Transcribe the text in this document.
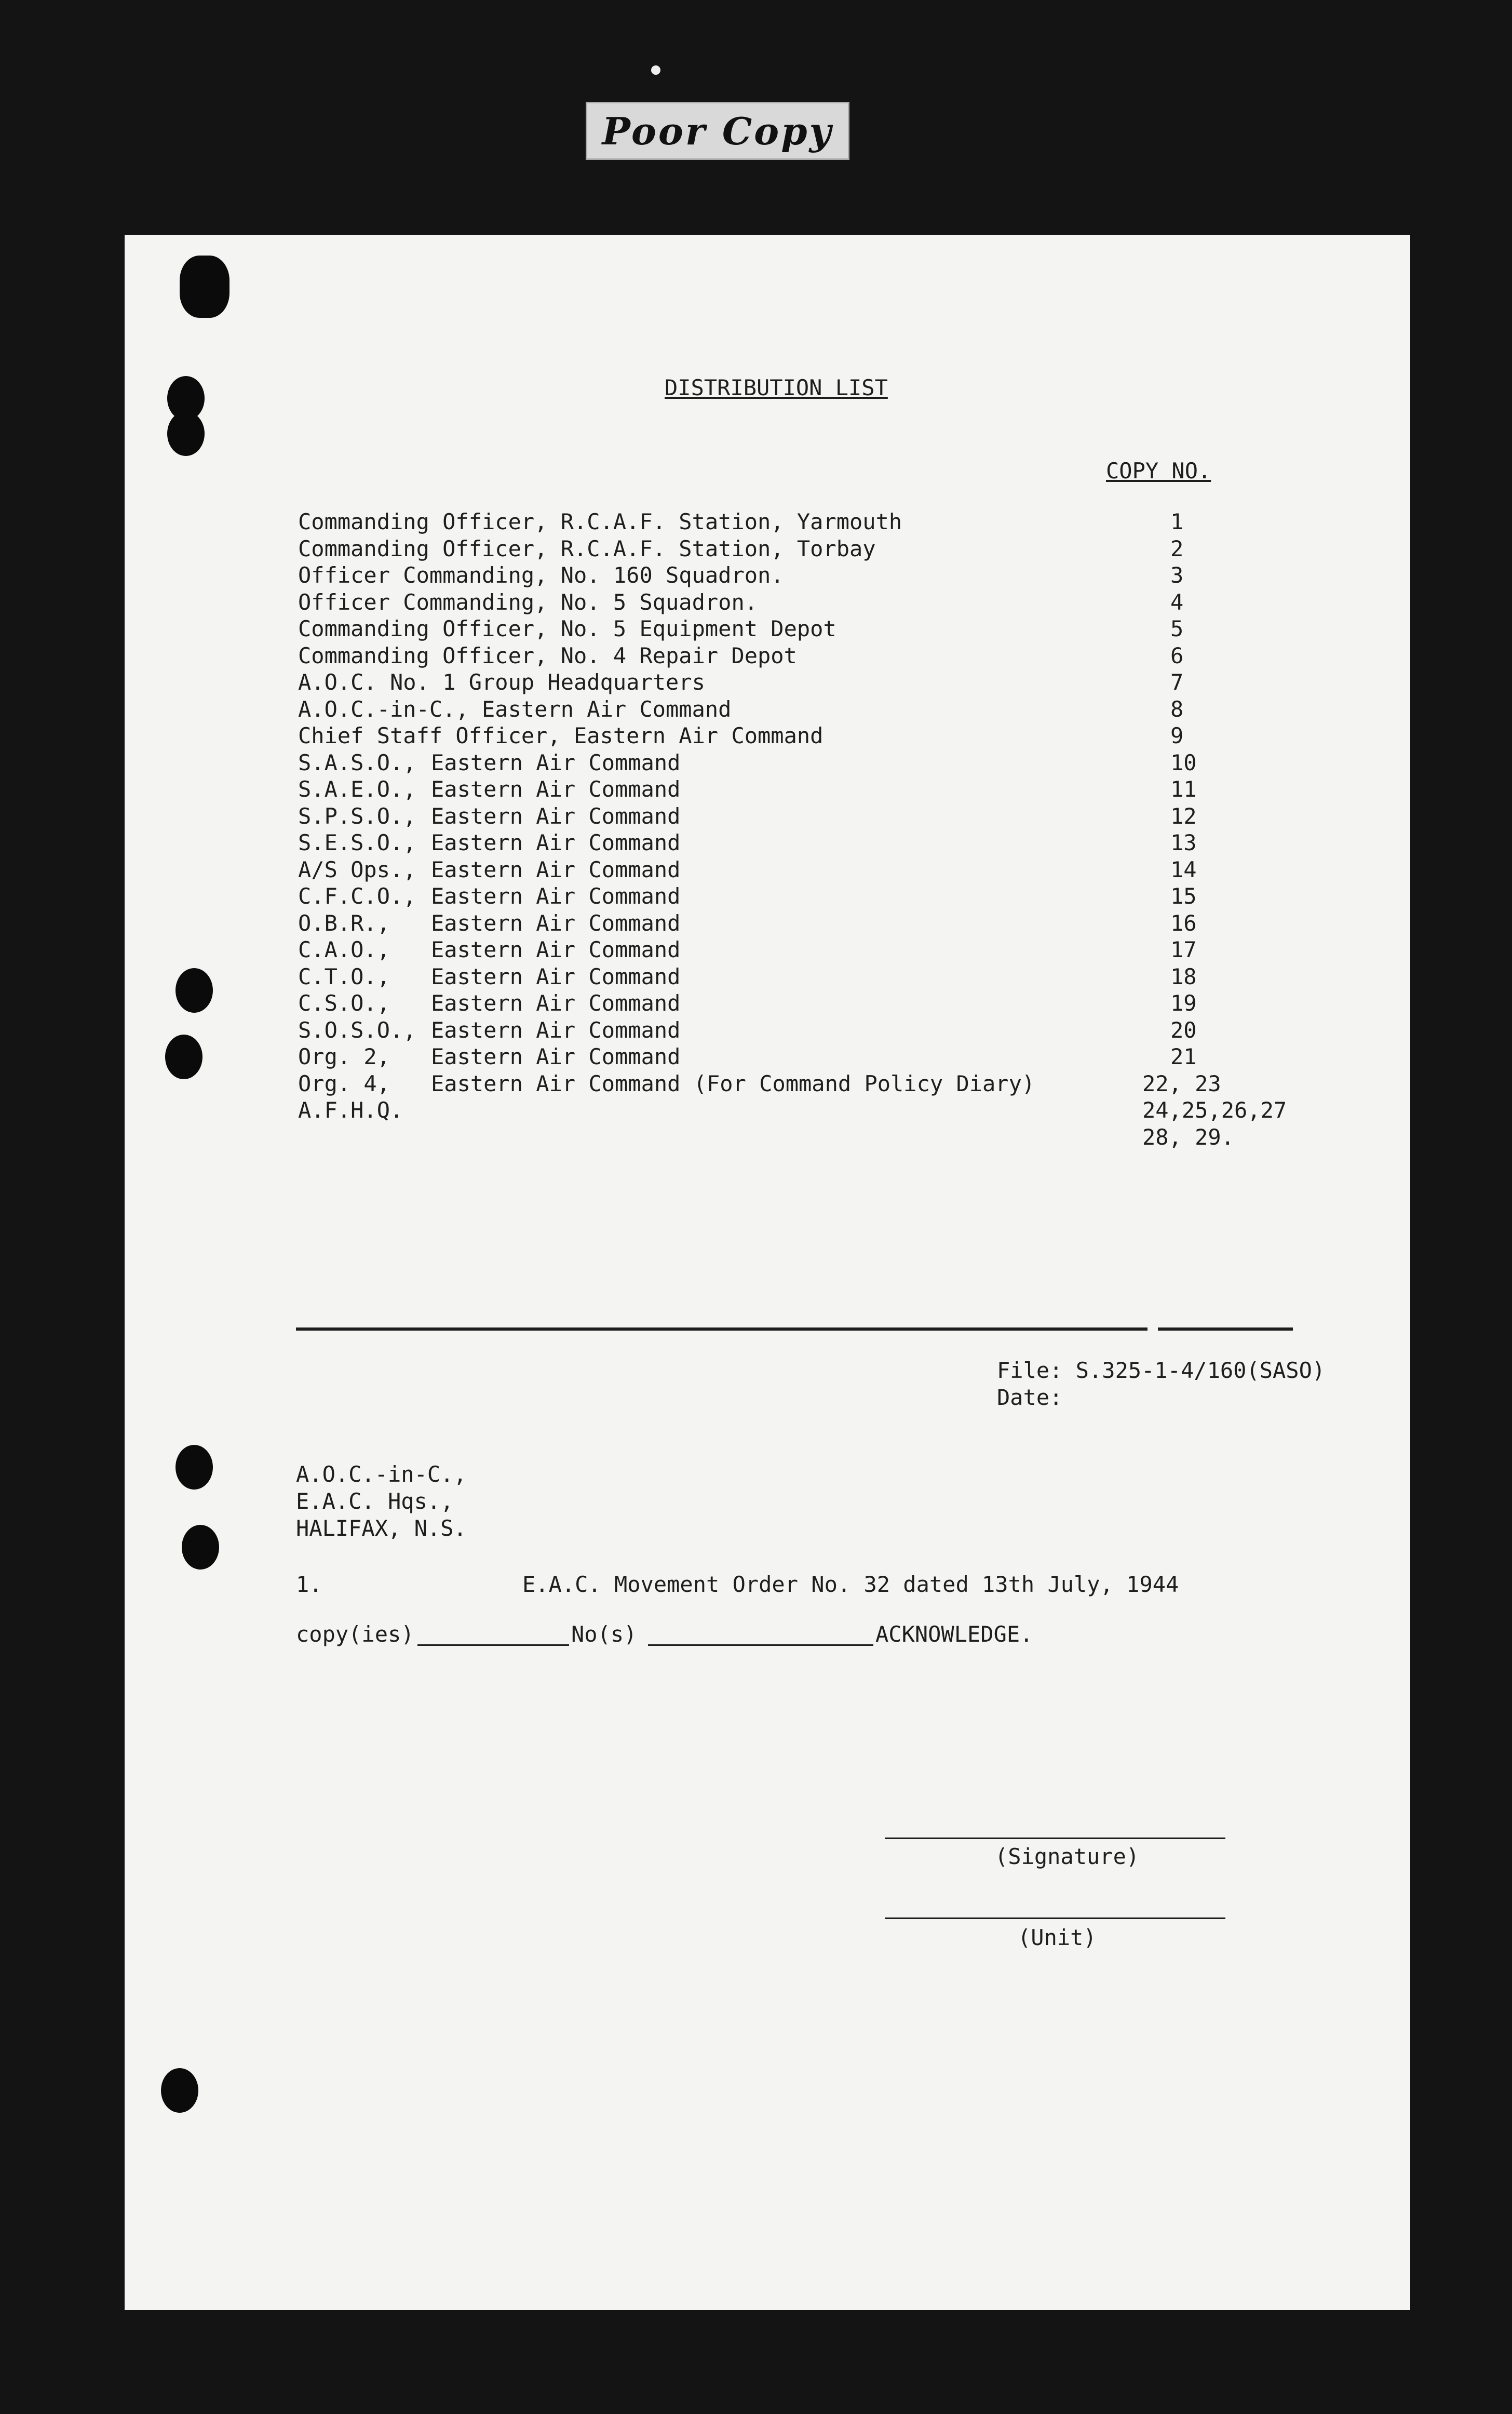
Poor Copy
DISTRIBUTION LIST
COPY NO.
Commanding Officer, R.C.A.F. Station, Yarmouth	1
Commanding Officer, R.C.A.F. Station, Torbay	2
Officer Commanding, No. 160 Squadron.	3
Officer Commanding, No. 5 Squadron.	4
Commanding Officer, No. 5 Equipment Depot	5
Commanding Officer, No. 4 Repair Depot	6
A.O.C. No. 1 Group Headquarters	7
A.O.C.-in-C., Eastern Air Command	8
Chief Staff Officer, Eastern Air Command	9
S.A.S.O., Eastern Air Command	10
S.A.E.O., Eastern Air Command	11
S.P.S.O., Eastern Air Command	12
S.E.S.O., Eastern Air Command	13
A/S Ops., Eastern Air Command	14
C.F.C.O., Eastern Air Command	15
O.B.R., Eastern Air Command	16
C.A.O., Eastern Air Command	17
C.T.O., Eastern Air Command	18
C.S.O., Eastern Air Command	19
S.O.S.O., Eastern Air Command	20
Org. 2, Eastern Air Command	21
Org. 4, Eastern Air Command (For Command Policy Diary)	22, 23
A.F.H.Q.	24,25,26,27
28, 29.
File: S.325-1-4/160(SASO)
Date:
A.O.C.-in-C.,
E.A.C. Hqs.,
HALIFAX, N.S.
1.	E.A.C. Movement Order No. 32 dated 13th July, 1944
copy(ies)	No(s)	ACKNOWLEDGE.
(Signature)
(Unit)
